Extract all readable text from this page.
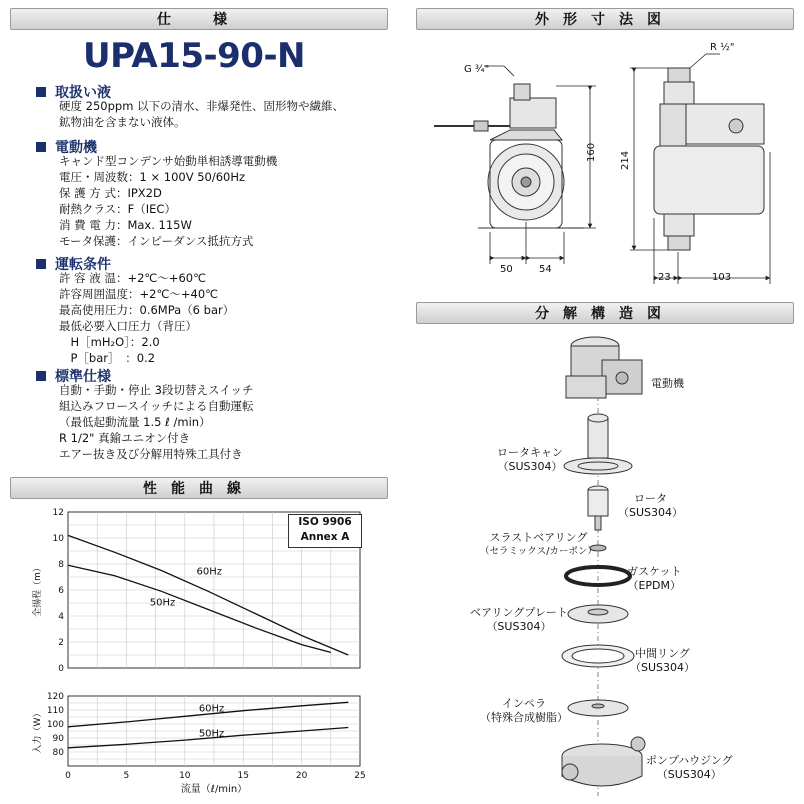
仕　様
UPA15-90-N
取扱い液
硬度 250ppm 以下の清水、非爆発性、固形物や繊維、
鉱物油を含まない液体。
電動機
キャンド型コンデンサ始動単相誘導電動機
電圧・周波数：1 × 100V 50/60Hz
保 護 方 式：IPX2D
耐熱クラス：F（IEC）
消 費 電 力：Max. 115W
モータ保護：インピーダンス抵抗方式
運転条件
許 容 液 温：+2℃～+60℃
許容周囲温度：+2℃～+40℃
最高使用圧力：0.6MPa（6 bar）
最低必要入口圧力（背圧）
　H［mH₂O］：2.0
　P［bar］　：0.2
標準仕様
自動・手動・停止 3段切替えスイッチ
組込みフロースイッチによる自動運転
（最低起動流量 1.5 ℓ /min）
R 1/2" 真鍮ユニオン付き
エアー抜き及び分解用特殊工具付き
性能曲線
0
2
4
6
8
10
12
全揚程（m）	60Hz
50Hz
80
90
100
110
120
0	5	10	15	20	25
入力（W）
流量（ℓ/min）
60Hz
50Hz
ISO 9906
Annex A
外形寸法図
分解構造図
G ¾"
160
50	54
R ½"
214
23	103
電動機
ロータキャン
（SUS304）
ロータ
（SUS304）
スラストベアリング
（セラミックス/カーボン）
ガスケット
（EPDM）
ベアリングプレート
（SUS304）
中間リング
（SUS304）
インペラ
（特殊合成樹脂）
ポンプハウジング
（SUS304）
